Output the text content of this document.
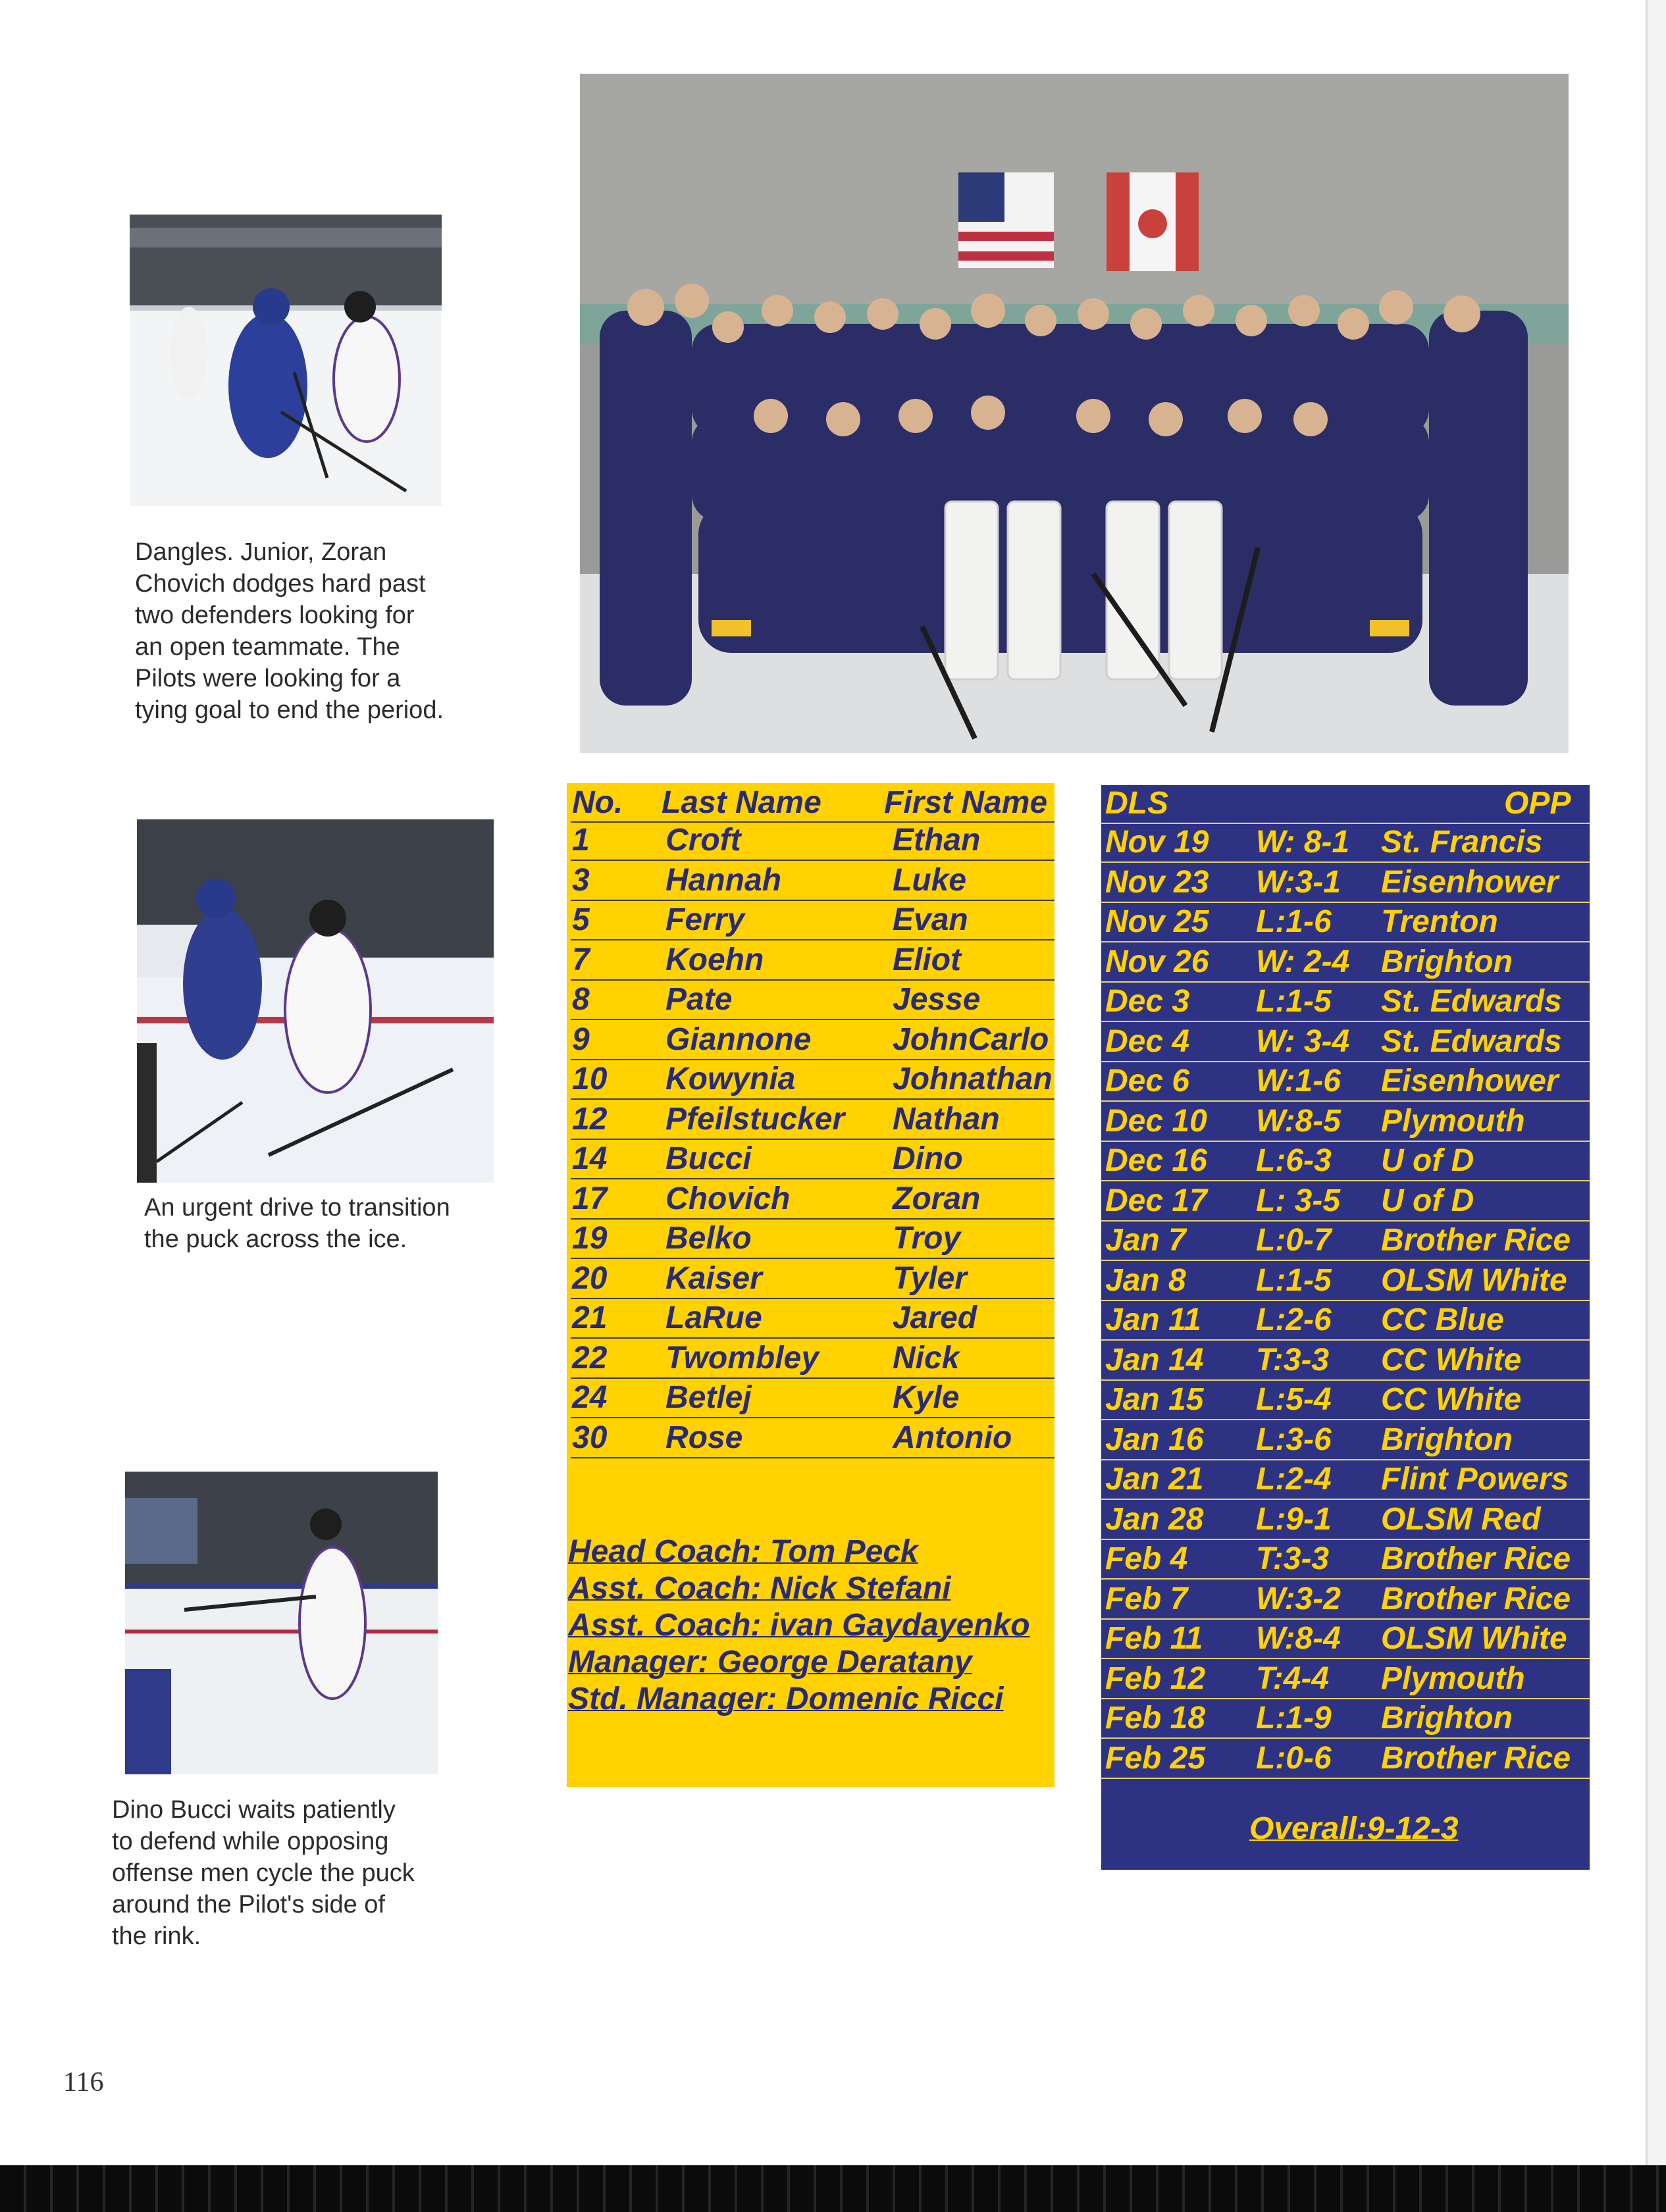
Dangles. Junior, Zoran Chovich dodges hard past two defenders looking for an open teammate. The Pilots were looking for a tying goal to end the period.
An urgent drive to transition the puck across the ice.
Dino Bucci waits patiently to defend while opposing offense men cycle the puck around the Pilot's side of the rink.
No. Last Name First Name
1 Croft	Ethan
3 Hannah	Luke
5 Ferry	Evan
7 Koehn	Eliot
8 Pate	Jesse
9 Giannone	JohnCarlo
10 Kowynia	Johnathan
12 Pfeilstucker Nathan
14 Bucci	Dino
17 Chovich	Zoran
19 Belko	Troy
20 Kaiser	Tyler
21 LaRue	Jared
22 Twombley Nick
24 Betlej	Kyle
30 Rose	Antonio
Head Coach: Tom Peck
Asst. Coach: Nick Stefani
Asst. Coach: ivan Gaydayenko
Manager: George Deratany
Std. Manager: Domenic Ricci
DLS	OPP
Nov 19 W: 8-1 St. Francis
Nov 23 W:3-1 Eisenhower
Nov 25 L:1-6 Trenton
Nov 26 W: 2-4 Brighton
Dec 3 L:1-5 St. Edwards
Dec 4 W: 3-4 St. Edwards
Dec 6 W:1-6 Eisenhower
Dec 10 W:8-5 Plymouth
Dec 16 L:6-3 U of D
Dec 17 L: 3-5 U of D
Jan 7 L:0-7 Brother Rice
Jan 8 L:1-5 OLSM White
Jan 11 L:2-6 CC Blue
Jan 14 T:3-3 CC White
Jan 15 L:5-4 CC White
Jan 16 L:3-6 Brighton
Jan 21 L:2-4 Flint Powers
Jan 28 L:9-1 OLSM Red
Feb 4 T:3-3 Brother Rice
Feb 7 W:3-2 Brother Rice
Feb 11 W:8-4 OLSM White
Feb 12 T:4-4 Plymouth
Feb 18 L:1-9 Brighton
Feb 25 L:0-6 Brother Rice
Overall:9-12-3
116
